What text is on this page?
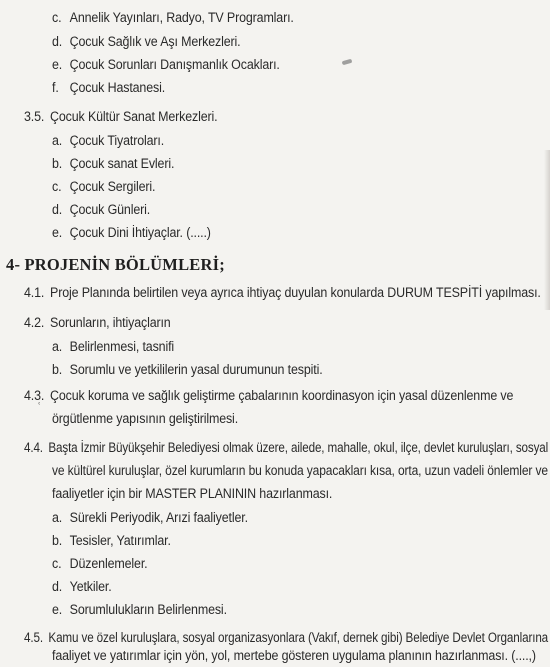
ʿ
c. Annelik Yayınları, Radyo, TV Programları.
d. Çocuk Sağlık ve Aşı Merkezleri.
e. Çocuk Sorunları Danışmanlık Ocakları.
f. Çocuk Hastanesi.
3.5. Çocuk Kültür Sanat Merkezleri.
a. Çocuk Tiyatroları.
b. Çocuk sanat Evleri.
c. Çocuk Sergileri.
d. Çocuk Günleri.
e. Çocuk Dini İhtiyaçlar. (.....)
4- PROJENİN BÖLÜMLERİ;
4.1. Proje Planında belirtilen veya ayrıca ihtiyaç duyulan konularda DURUM TESPİTİ yapılması.
4.2. Sorunların, ihtiyaçların
a. Belirlenmesi, tasnifi
b. Sorumlu ve yetkililerin yasal durumunun tespiti.
4.3. Çocuk koruma ve sağlık geliştirme çabalarının koordinasyon için yasal düzenlenme ve
örgütlenme yapısının geliştirilmesi.
4.4. Başta İzmir Büyükşehir Belediyesi olmak üzere, ailede, mahalle, okul, ilçe, devlet kuruluşları, sosyal
ve kültürel kuruluşlar, özel kurumların bu konuda yapacakları kısa, orta, uzun vadeli önlemler ve
faaliyetler için bir MASTER PLANININ hazırlanması.
a. Sürekli Periyodik, Arızi faaliyetler.
b. Tesisler, Yatırımlar.
c. Düzenlemeler.
d. Yetkiler.
e. Sorumlulukların Belirlenmesi.
4.5. Kamu ve özel kuruluşlara, sosyal organizasyonlara (Vakıf, dernek gibi) Belediye Devlet Organlarına
faaliyet ve yatırımlar için yön, yol, mertebe gösteren uygulama planının hazırlanması. (....,)
